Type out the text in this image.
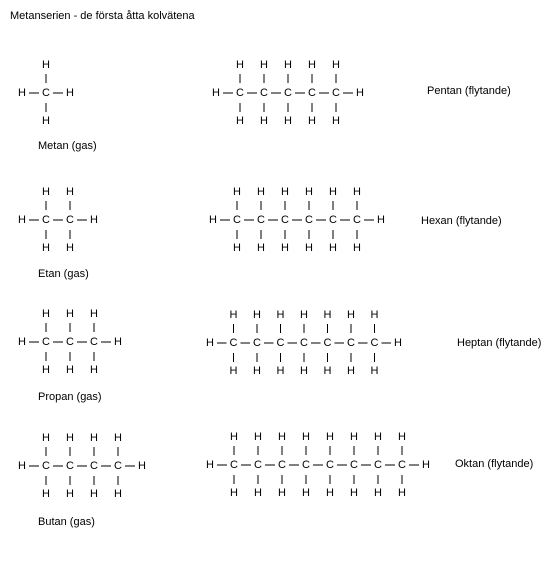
Metanserien - de första åtta kolvätena
H	H
C
H
H
H	H
C
H
H
C
H
H
H	H
C
H
H
C
H
H
C
H
H
H	H
C
H
H
C
H
H
C
H
H
C
H
H
H	H
C
H
H
C
H
H
C
H
H
C
H
H
C
H
H
H	H
C
H
H
C
H
H
C
H
H
C
H
H
C
H
H
C
H
H
H	H
C
H
H
C
H
H
C
H
H
C
H
H
C
H
H
C
H
H
C
H
H
H	H
C
H
H
C
H
H
C
H
H
C
H
H
C
H
H
C
H
H
C
H
H
C
H
H
Metan (gas)
Etan (gas)
Propan (gas)
Butan (gas)
Pentan (flytande)
Hexan (flytande)
Heptan (flytande)
Oktan (flytande)
